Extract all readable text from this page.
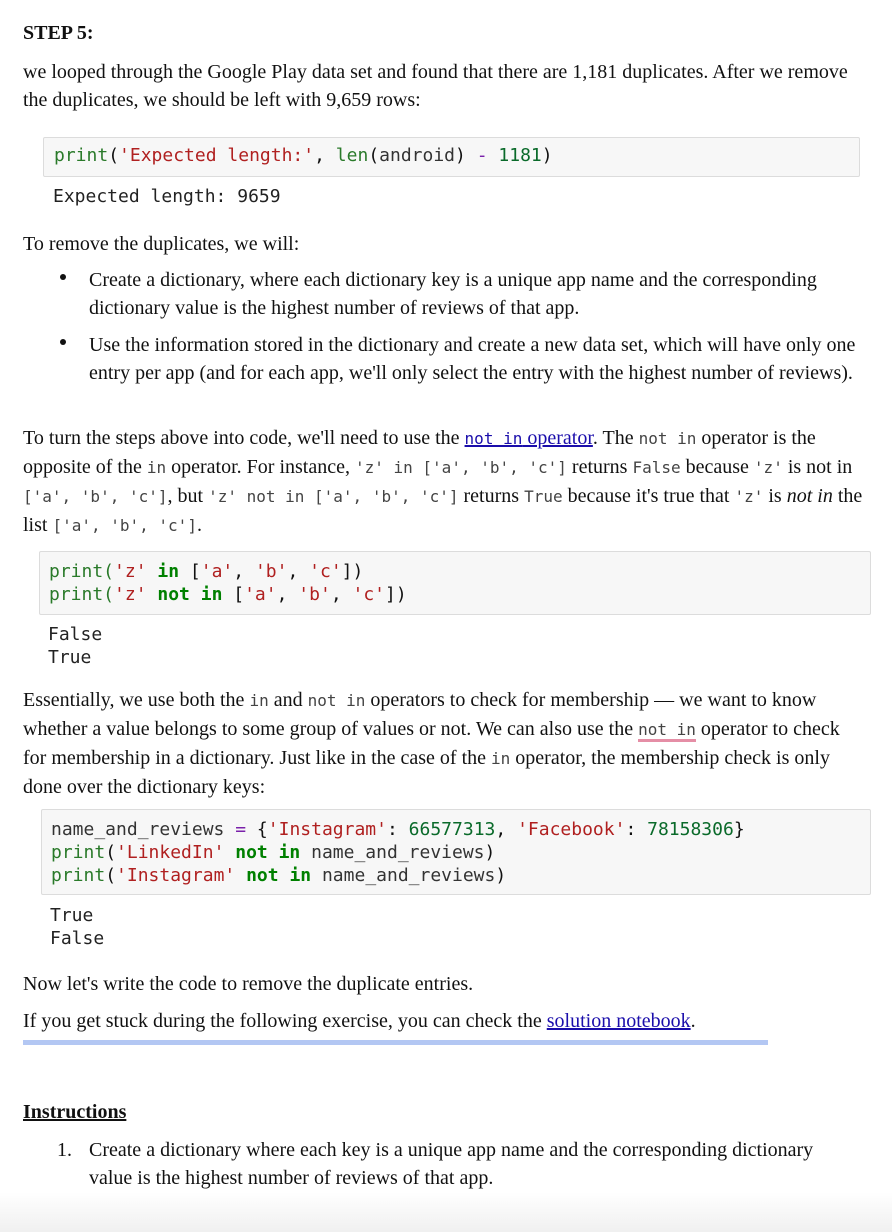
STEP 5:
we looped through the Google Play data set and found that there are 1,181 duplicates. After we remove the duplicates, we should be left with 9,659 rows:
print('Expected length:', len(android) - 1181)
Expected length: 9659
To remove the duplicates, we will:
Create a dictionary, where each dictionary key is a unique app name and the corresponding dictionary value is the highest number of reviews of that app.
Use the information stored in the dictionary and create a new data set, which will have only one entry per app (and for each app, we'll only select the entry with the highest number of reviews).
To turn the steps above into code, we'll need to use the not in operator. The not in operator is the opposite of the in operator. For instance, 'z' in ['a', 'b', 'c'] returns False because 'z' is not in ['a', 'b', 'c'], but 'z' not in ['a', 'b', 'c'] returns True because it's true that 'z' is not in the list ['a', 'b', 'c'].
print('z' in ['a', 'b', 'c'])
print('z' not in ['a', 'b', 'c'])
False
True
Essentially, we use both the in and not in operators to check for membership — we want to know whether a value belongs to some group of values or not. We can also use the not in operator to check for membership in a dictionary. Just like in the case of the in operator, the membership check is only done over the dictionary keys:
name_and_reviews = {'Instagram': 66577313, 'Facebook': 78158306}
print('LinkedIn' not in name_and_reviews)
print('Instagram' not in name_and_reviews)
True
False
Now let's write the code to remove the duplicate entries.
If you get stuck during the following exercise, you can check the solution notebook.
Instructions
1. Create a dictionary where each key is a unique app name and the corresponding dictionary value is the highest number of reviews of that app.
